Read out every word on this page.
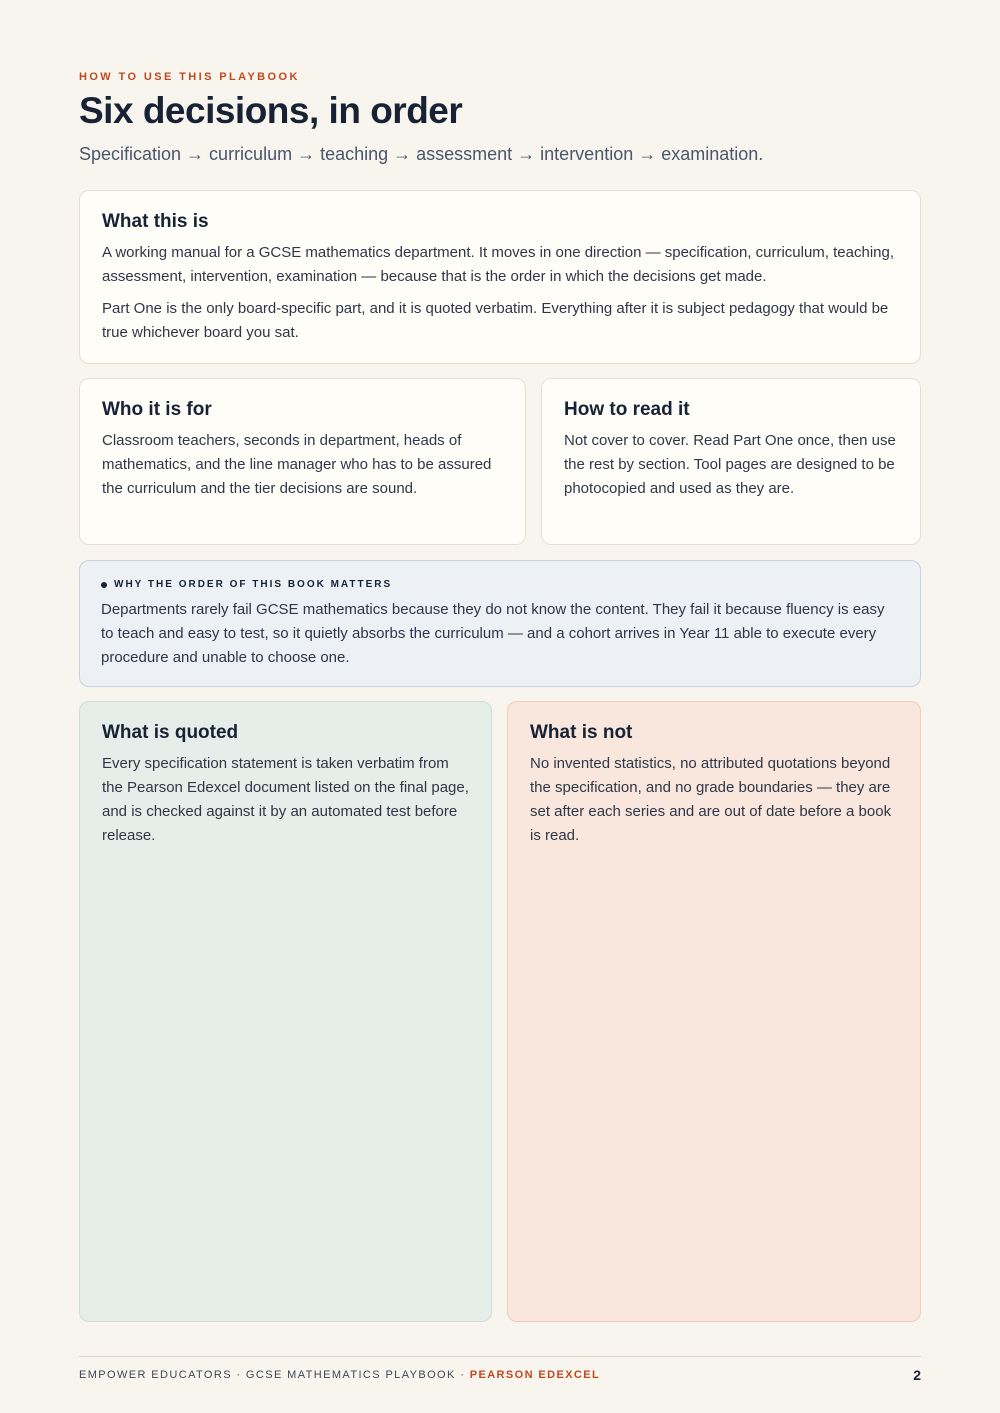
HOW TO USE THIS PLAYBOOK
Six decisions, in order
Specification → curriculum → teaching → assessment → intervention → examination.
What this is

A working manual for a GCSE mathematics department. It moves in one direction — specification, curriculum, teaching, assessment, intervention, examination — because that is the order in which the decisions get made.

Part One is the only board-specific part, and it is quoted verbatim. Everything after it is subject pedagogy that would be true whichever board you sat.

Who it is for

Classroom teachers, seconds in department, heads of mathematics, and the line manager who has to be assured the curriculum and the tier decisions are sound.

How to read it

Not cover to cover. Read Part One once, then use the rest by section. Tool pages are designed to be photocopied and used as they are.

WHY THE ORDER OF THIS BOOK MATTERS

Departments rarely fail GCSE mathematics because they do not know the content. They fail it because fluency is easy to teach and easy to test, so it quietly absorbs the curriculum — and a cohort arrives in Year 11 able to execute every procedure and unable to choose one.

What is quoted

Every specification statement is taken verbatim from the Pearson Edexcel document listed on the final page, and is checked against it by an automated test before release.

What is not

No invented statistics, no attributed quotations beyond the specification, and no grade boundaries — they are set after each series and are out of date before a book is read.

EMPOWER EDUCATORS · GCSE MATHEMATICS PLAYBOOK · PEARSON EDEXCEL	2
